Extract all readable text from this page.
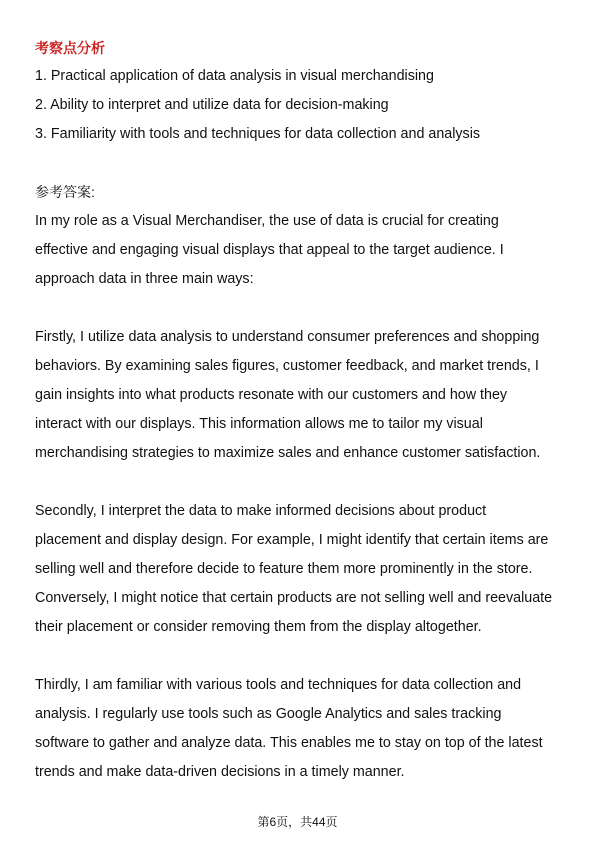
考察点分析

1. Practical application of data analysis in visual merchandising

2. Ability to interpret and utilize data for decision-making

3. Familiarity with tools and techniques for data collection and analysis

参考答案:

In my role as a Visual Merchandiser, the use of data is crucial for creating
effective and engaging visual displays that appeal to the target audience. I
approach data in three main ways:
Firstly, I utilize data analysis to understand consumer preferences and shopping
behaviors. By examining sales figures, customer feedback, and market trends, I
gain insights into what products resonate with our customers and how they
interact with our displays. This information allows me to tailor my visual
merchandising strategies to maximize sales and enhance customer satisfaction.
Secondly, I interpret the data to make informed decisions about product
placement and display design. For example, I might identify that certain items are
selling well and therefore decide to feature them more prominently in the store.
Conversely, I might notice that certain products are not selling well and reevaluate
their placement or consider removing them from the display altogether.
Thirdly, I am familiar with various tools and techniques for data collection and
analysis. I regularly use tools such as Google Analytics and sales tracking
software to gather and analyze data. This enables me to stay on top of the latest
trends and make data-driven decisions in a timely manner.
第6页，共44页
